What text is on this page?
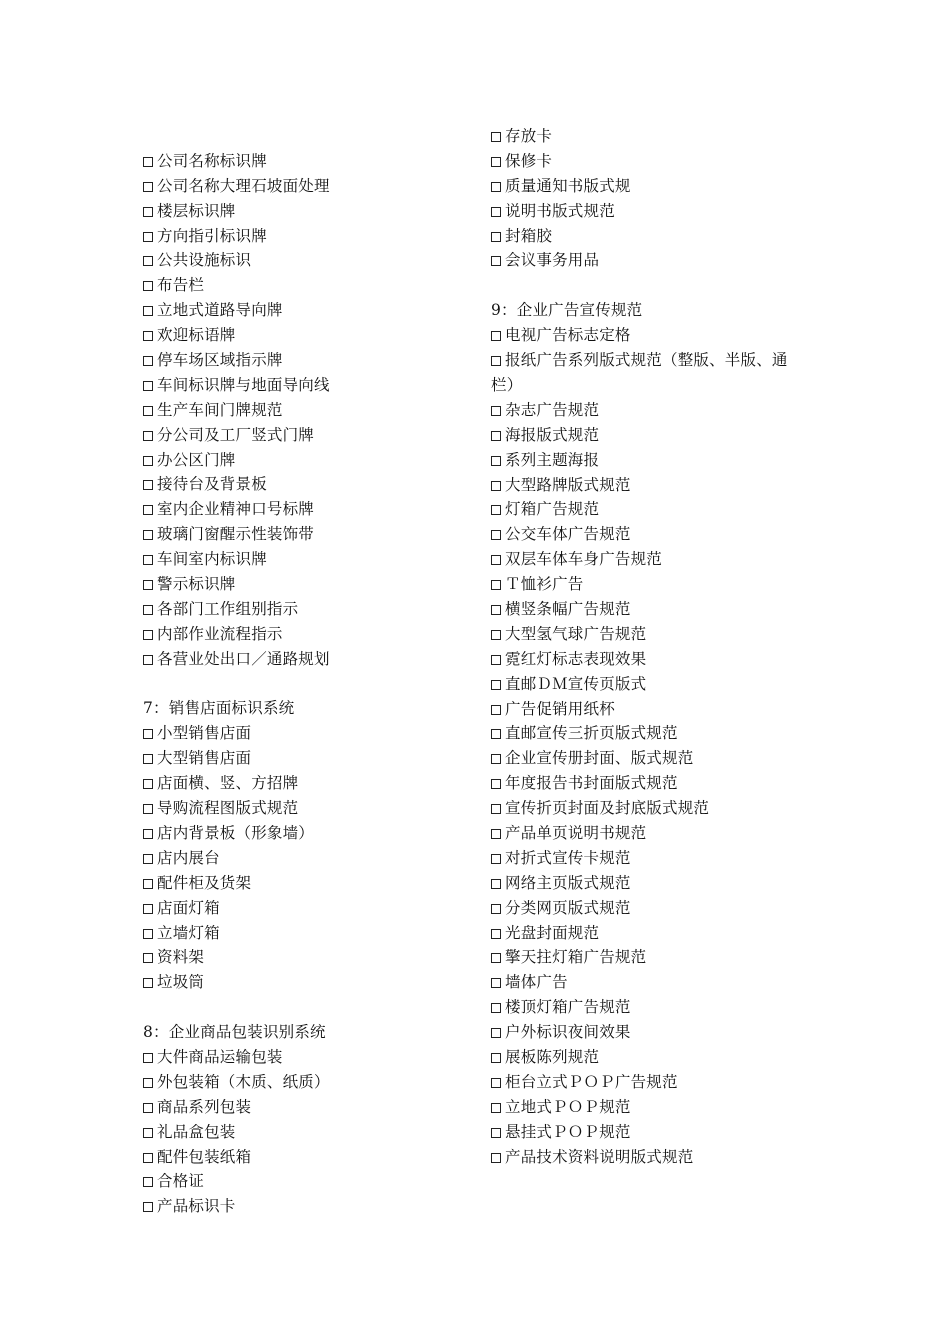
公司名称标识牌
公司名称大理石坡面处理
楼层标识牌
方向指引标识牌
公共设施标识
布告栏
立地式道路导向牌
欢迎标语牌
停车场区域指示牌
车间标识牌与地面导向线
生产车间门牌规范
分公司及工厂竖式门牌
办公区门牌
接待台及背景板
室内企业精神口号标牌
玻璃门窗醒示性装饰带
车间室内标识牌
警示标识牌
各部门工作组别指示
内部作业流程指示
各营业处出口／通路规划
7：销售店面标识系统
小型销售店面
大型销售店面
店面横、竖、方招牌
导购流程图版式规范
店内背景板（形象墙）
店内展台
配件柜及货架
店面灯箱
立墙灯箱
资料架
垃圾筒
8：企业商品包装识别系统
大件商品运输包装
外包装箱（木质、纸质）
商品系列包装
礼品盒包装
配件包装纸箱
合格证
产品标识卡
存放卡
保修卡
质量通知书版式规
说明书版式规范
封箱胶
会议事务用品
9：企业广告宣传规范
电视广告标志定格
报纸广告系列版式规范（整版、半版、通栏）
杂志广告规范
海报版式规范
系列主题海报
大型路牌版式规范
灯箱广告规范
公交车体广告规范
双层车体车身广告规范
Ｔ恤衫广告
横竖条幅广告规范
大型氢气球广告规范
霓红灯标志表现效果
直邮ＤＭ宣传页版式
广告促销用纸杯
直邮宣传三折页版式规范
企业宣传册封面、版式规范
年度报告书封面版式规范
宣传折页封面及封底版式规范
产品单页说明书规范
对折式宣传卡规范
网络主页版式规范
分类网页版式规范
光盘封面规范
擎天拄灯箱广告规范
墙体广告
楼顶灯箱广告规范
户外标识夜间效果
展板陈列规范
柜台立式ＰＯＰ广告规范
立地式ＰＯＰ规范
悬挂式ＰＯＰ规范
产品技术资料说明版式规范
